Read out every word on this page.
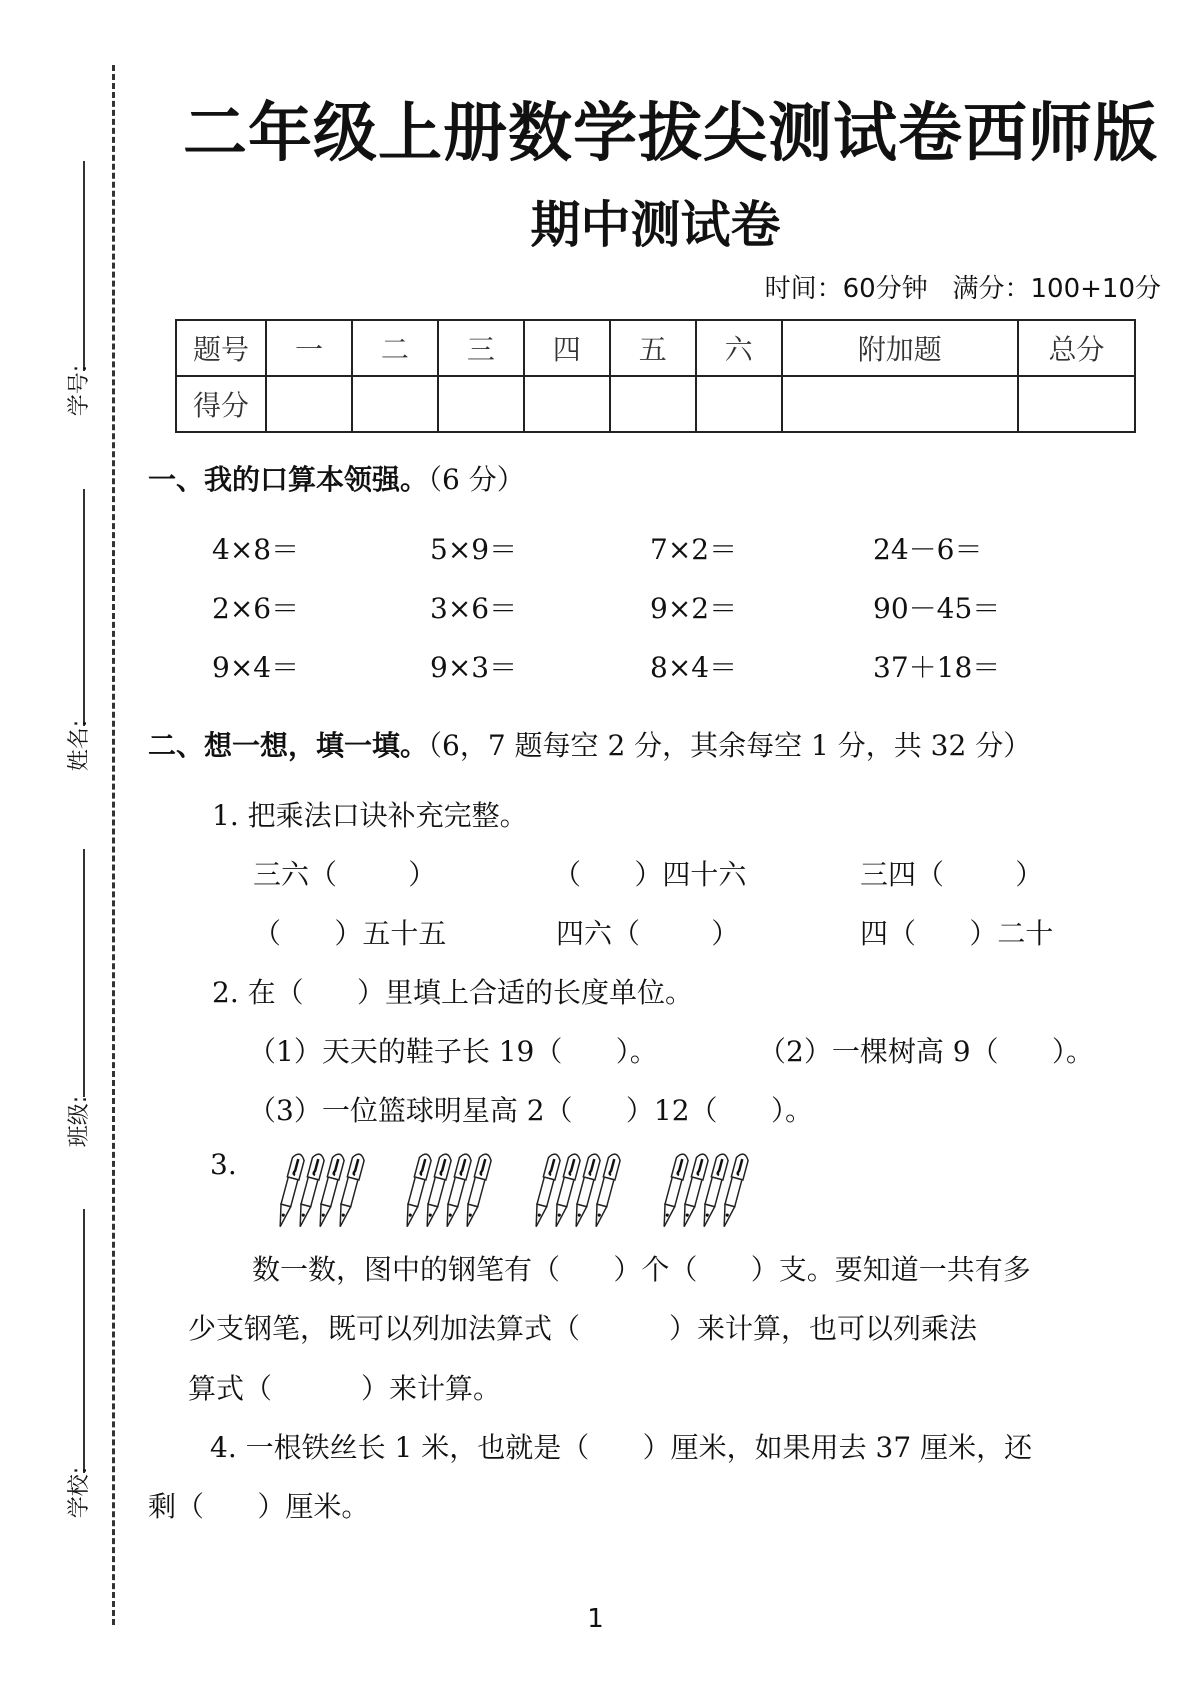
学号:
姓名:
班级:
学校:
二年级上册数学拔尖测试卷西师版
期中测试卷
时间：60分钟   满分：100+10分
题号	一	二	三	四	五	六	附加题	总分
得分								
一、我的口算本领强。（6 分）
4×8＝	5×9＝	7×2＝	24－6＝
2×6＝	3×6＝	9×2＝	90－45＝
9×4＝	9×3＝	8×4＝	37＋18＝
二、想一想，填一填。（6，7 题每空 2 分，其余每空 1 分，共 32 分）
1. 把乘法口诀补充完整。
三六（        ）	（      ）四十六	三四（        ）
（      ）五十五	四六（        ）	四（      ）二十
2. 在（      ）里填上合适的长度单位。
（1）天天的鞋子长 19（      ）。	（2）一棵树高 9（      ）。
（3）一位篮球明星高 2（      ）12（      ）。
3.
数一数，图中的钢笔有（      ）个（      ）支。要知道一共有多
少支钢笔，既可以列加法算式（          ）来计算，也可以列乘法
算式（          ）来计算。
4. 一根铁丝长 1 米，也就是（      ）厘米，如果用去 37 厘米，还
剩（      ）厘米。
1
